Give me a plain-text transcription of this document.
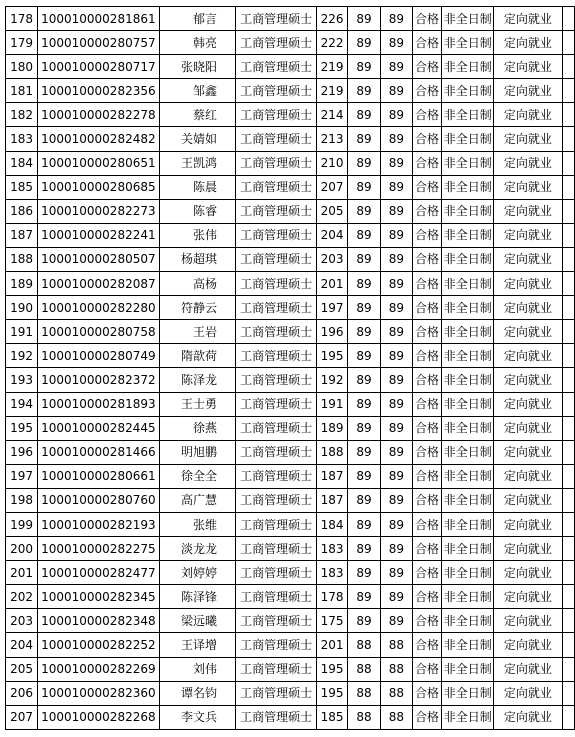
178	100010000281861	郁言	工商管理硕士	226	89	89	合格	非全日制	定向就业	
179	100010000280757	韩亮	工商管理硕士	222	89	89	合格	非全日制	定向就业	
180	100010000280717	张晓阳	工商管理硕士	219	89	89	合格	非全日制	定向就业	
181	100010000282356	邹鑫	工商管理硕士	219	89	89	合格	非全日制	定向就业	
182	100010000282278	蔡红	工商管理硕士	214	89	89	合格	非全日制	定向就业	
183	100010000282482	关婧如	工商管理硕士	213	89	89	合格	非全日制	定向就业	
184	100010000280651	王凯鸿	工商管理硕士	210	89	89	合格	非全日制	定向就业	
185	100010000280685	陈晨	工商管理硕士	207	89	89	合格	非全日制	定向就业	
186	100010000282273	陈睿	工商管理硕士	205	89	89	合格	非全日制	定向就业	
187	100010000282241	张伟	工商管理硕士	204	89	89	合格	非全日制	定向就业	
188	100010000280507	杨超琪	工商管理硕士	203	89	89	合格	非全日制	定向就业	
189	100010000282087	高杨	工商管理硕士	201	89	89	合格	非全日制	定向就业	
190	100010000282280	符静云	工商管理硕士	197	89	89	合格	非全日制	定向就业	
191	100010000280758	王岩	工商管理硕士	196	89	89	合格	非全日制	定向就业	
192	100010000280749	隋歆荷	工商管理硕士	195	89	89	合格	非全日制	定向就业	
193	100010000282372	陈泽龙	工商管理硕士	192	89	89	合格	非全日制	定向就业	
194	100010000281893	王士勇	工商管理硕士	191	89	89	合格	非全日制	定向就业	
195	100010000282445	徐燕	工商管理硕士	189	89	89	合格	非全日制	定向就业	
196	100010000281466	明旭鹏	工商管理硕士	188	89	89	合格	非全日制	定向就业	
197	100010000280661	徐全全	工商管理硕士	187	89	89	合格	非全日制	定向就业	
198	100010000280760	高广慧	工商管理硕士	187	89	89	合格	非全日制	定向就业	
199	100010000282193	张维	工商管理硕士	184	89	89	合格	非全日制	定向就业	
200	100010000282275	淡龙龙	工商管理硕士	183	89	89	合格	非全日制	定向就业	
201	100010000282477	刘婷婷	工商管理硕士	183	89	89	合格	非全日制	定向就业	
202	100010000282345	陈泽锋	工商管理硕士	178	89	89	合格	非全日制	定向就业	
203	100010000282348	梁远曦	工商管理硕士	175	89	89	合格	非全日制	定向就业	
204	100010000282252	王译增	工商管理硕士	201	88	88	合格	非全日制	定向就业	
205	100010000282269	刘伟	工商管理硕士	195	88	88	合格	非全日制	定向就业	
206	100010000282360	谭名钧	工商管理硕士	195	88	88	合格	非全日制	定向就业	
207	100010000282268	李文兵	工商管理硕士	185	88	88	合格	非全日制	定向就业	
